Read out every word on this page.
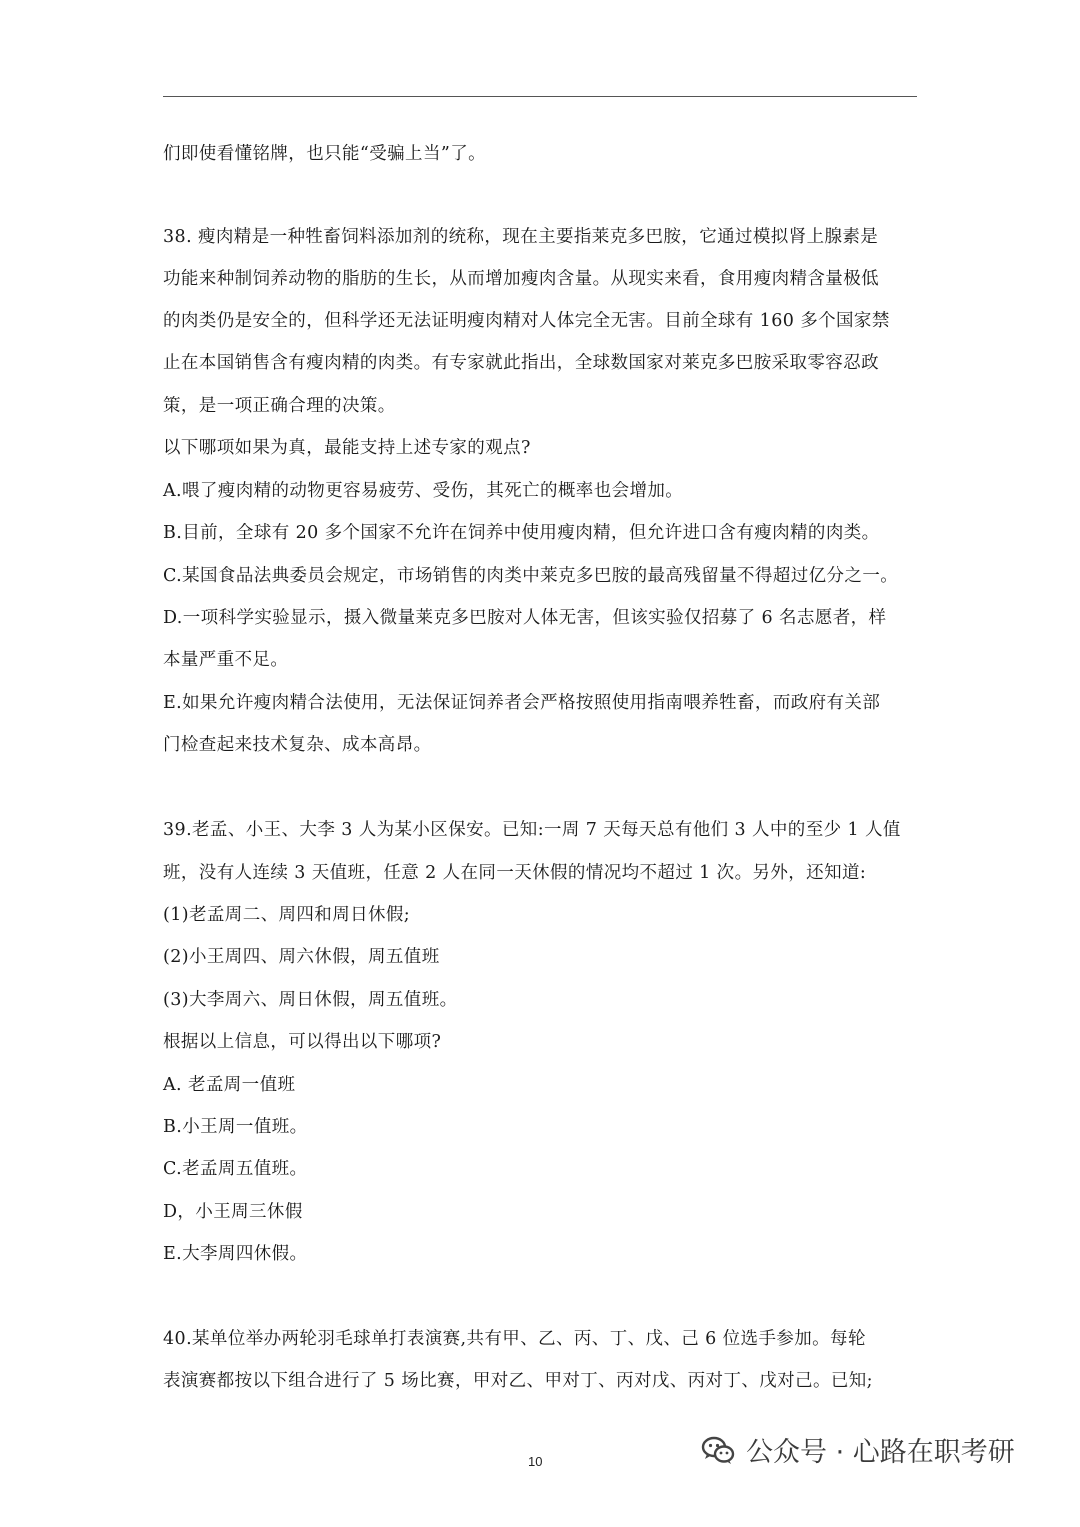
们即使看懂铭牌，也只能“受骗上当”了。
38. 瘦肉精是一种牲畜饲料添加剂的统称，现在主要指莱克多巴胺，它通过模拟肾上腺素是
功能来种制饲养动物的脂肪的生长，从而增加瘦肉含量。从现实来看，食用瘦肉精含量极低
的肉类仍是安全的，但科学还无法证明瘦肉精对人体完全无害。目前全球有 160 多个国家禁
止在本国销售含有瘦肉精的肉类。有专家就此指出，全球数国家对莱克多巴胺采取零容忍政
策，是一项正确合理的决策。
以下哪项如果为真，最能支持上述专家的观点?
A.喂了瘦肉精的动物更容易疲劳、受伤，其死亡的概率也会增加。
B.目前，全球有 20 多个国家不允许在饲养中使用瘦肉精，但允许进口含有瘦肉精的肉类。
C.某国食品法典委员会规定，市场销售的肉类中莱克多巴胺的最高残留量不得超过亿分之一。
D.一项科学实验显示，摄入微量莱克多巴胺对人体无害，但该实验仅招募了 6 名志愿者，样
本量严重不足。
E.如果允许瘦肉精合法使用，无法保证饲养者会严格按照使用指南喂养牲畜，而政府有关部
门检查起来技术复杂、成本高昂。
39.老孟、小王、大李 3 人为某小区保安。已知:一周 7 天每天总有他们 3 人中的至少 1 人值
班，没有人连续 3 天值班，任意 2 人在同一天休假的情况均不超过 1 次。另外，还知道:
(1)老孟周二、周四和周日休假;
(2)小王周四、周六休假，周五值班
(3)大李周六、周日休假，周五值班。
根据以上信息，可以得出以下哪项?
A. 老孟周一值班
B.小王周一值班。
C.老孟周五值班。
D，小王周三休假
E.大李周四休假。
40.某单位举办两轮羽毛球单打表演赛,共有甲、乙、丙、丁、戊、己 6 位选手参加。每轮
表演赛都按以下组合进行了 5 场比赛，甲对乙、甲对丁、丙对戊、丙对丁、戊对己。已知;
10	公众号 · 心路在职考研
